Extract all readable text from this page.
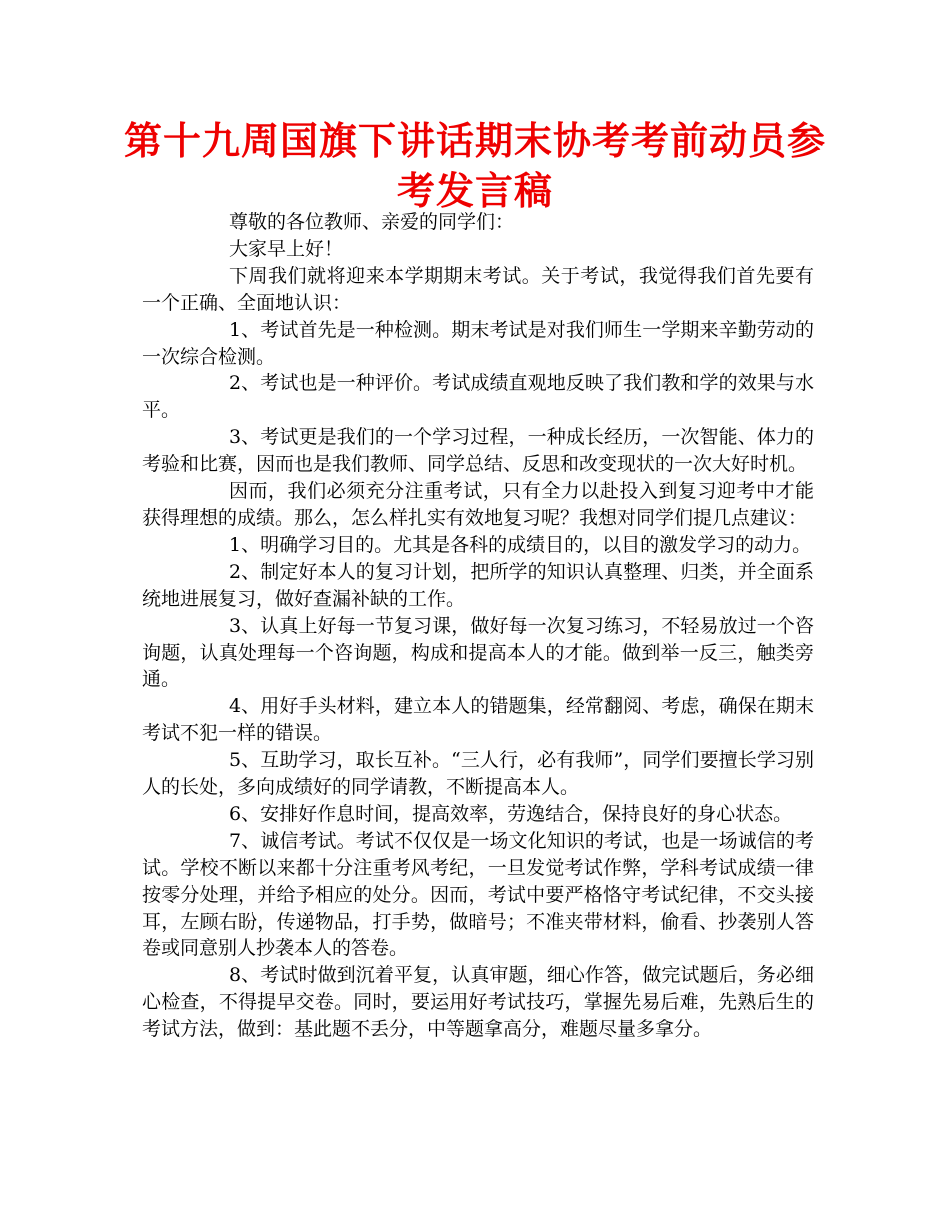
第十九周国旗下讲话期末协考考前动员参考发言稿

尊敬的各位教师、亲爱的同学们：

大家早上好！

下周我们就将迎来本学期期末考试。关于考试，我觉得我们首先要有一个正确、全面地认识：

1、考试首先是一种检测。期末考试是对我们师生一学期来辛勤劳动的一次综合检测。

2、考试也是一种评价。考试成绩直观地反映了我们教和学的效果与水平。

3、考试更是我们的一个学习过程，一种成长经历，一次智能、体力的考验和比赛，因而也是我们教师、同学总结、反思和改变现状的一次大好时机。

因而，我们必须充分注重考试，只有全力以赴投入到复习迎考中才能获得理想的成绩。那么，怎么样扎实有效地复习呢？我想对同学们提几点建议：

1、明确学习目的。尤其是各科的成绩目的，以目的激发学习的动力。

2、制定好本人的复习计划，把所学的知识认真整理、归类，并全面系统地进展复习，做好查漏补缺的工作。

3、认真上好每一节复习课，做好每一次复习练习，不轻易放过一个咨询题，认真处理每一个咨询题，构成和提高本人的才能。做到举一反三，触类旁通。

4、用好手头材料，建立本人的错题集，经常翻阅、考虑，确保在期末考试不犯一样的错误。

5、互助学习，取长互补。“三人行，必有我师”，同学们要擅长学习别人的长处，多向成绩好的同学请教，不断提高本人。

6、安排好作息时间，提高效率，劳逸结合，保持良好的身心状态。

7、诚信考试。考试不仅仅是一场文化知识的考试，也是一场诚信的考试。学校不断以来都十分注重考风考纪，一旦发觉考试作弊，学科考试成绩一律按零分处理，并给予相应的处分。因而，考试中要严格恪守考试纪律，不交头接耳，左顾右盼，传递物品，打手势，做暗号；不准夹带材料，偷看、抄袭别人答卷或同意别人抄袭本人的答卷。

8、考试时做到沉着平复，认真审题，细心作答，做完试题后，务必细心检查，不得提早交卷。同时，要运用好考试技巧，掌握先易后难，先熟后生的考试方法，做到：基此题不丢分，中等题拿高分，难题尽量多拿分。
